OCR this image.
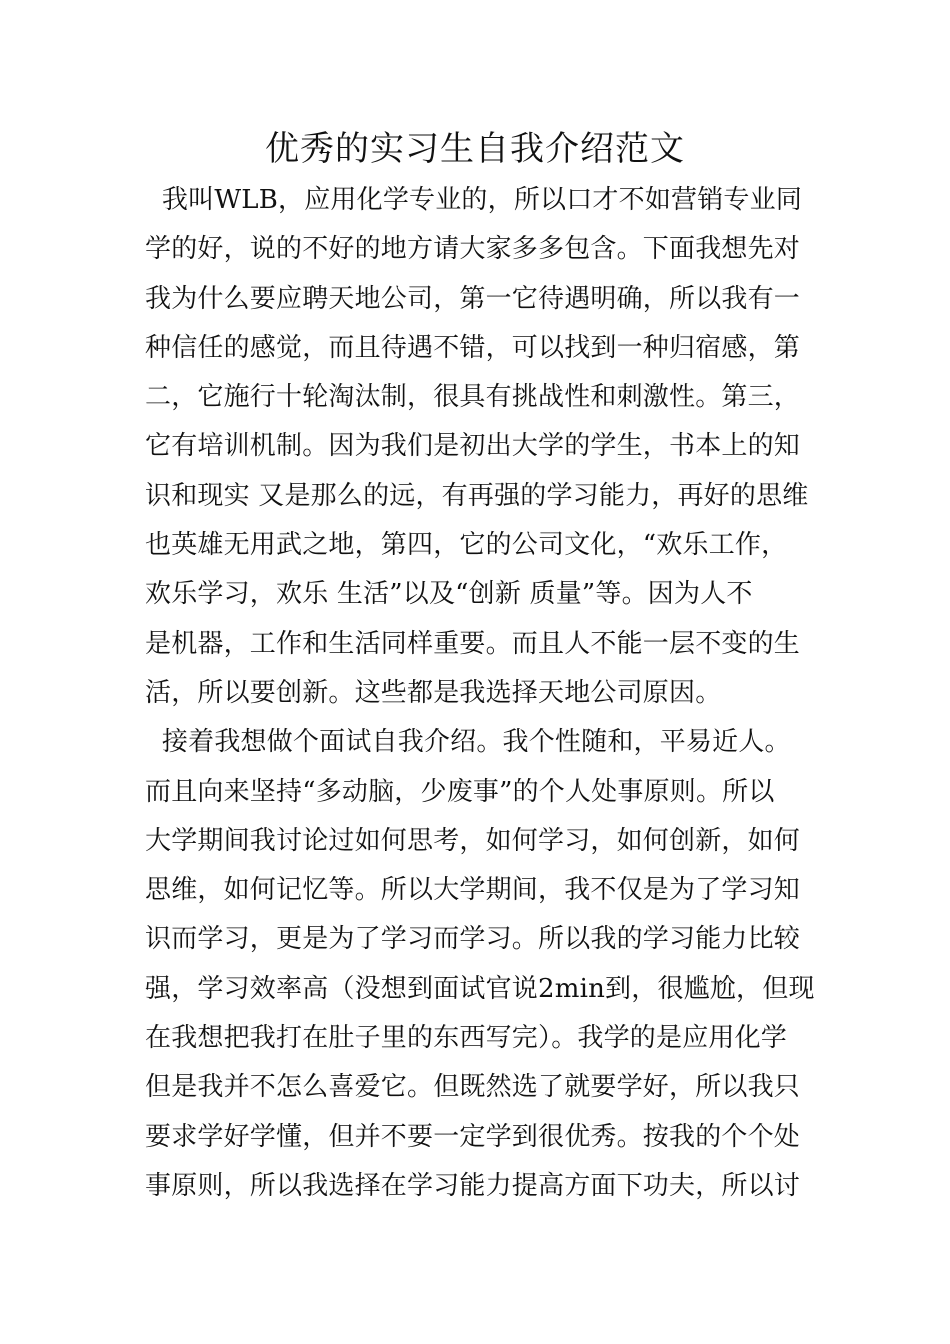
优秀的实习生自我介绍范文
我叫WLB，应用化学专业的，所以口才不如营销专业同
学的好，说的不好的地方请大家多多包含。下面我想先对
我为什么要应聘天地公司，第一它待遇明确，所以我有一
种信任的感觉，而且待遇不错，可以找到一种归宿感，第
二，它施行十轮淘汰制，很具有挑战性和刺激性。第三，
它有培训机制。因为我们是初出大学的学生，书本上的知
识和现实 又是那么的远，有再强的学习能力，再好的思维
也英雄无用武之地，第四，它的公司文化，“欢乐工作，
欢乐学习，欢乐 生活”以及“创新 质量”等。因为人不
是机器，工作和生活同样重要。而且人不能一层不变的生
活，所以要创新。这些都是我选择天地公司原因。
接着我想做个面试自我介绍。我个性随和，平易近人。
而且向来坚持“多动脑，少废事”的个人处事原则。所以
大学期间我讨论过如何思考，如何学习，如何创新，如何
思维，如何记忆等。所以大学期间，我不仅是为了学习知
识而学习，更是为了学习而学习。所以我的学习能力比较
强，学习效率高（没想到面试官说2min到，很尴尬，但现
在我想把我打在肚子里的东西写完）。我学的是应用化学
但是我并不怎么喜爱它。但既然选了就要学好，所以我只
要求学好学懂，但并不要一定学到很优秀。按我的个个处
事原则，所以我选择在学习能力提高方面下功夫，所以讨
